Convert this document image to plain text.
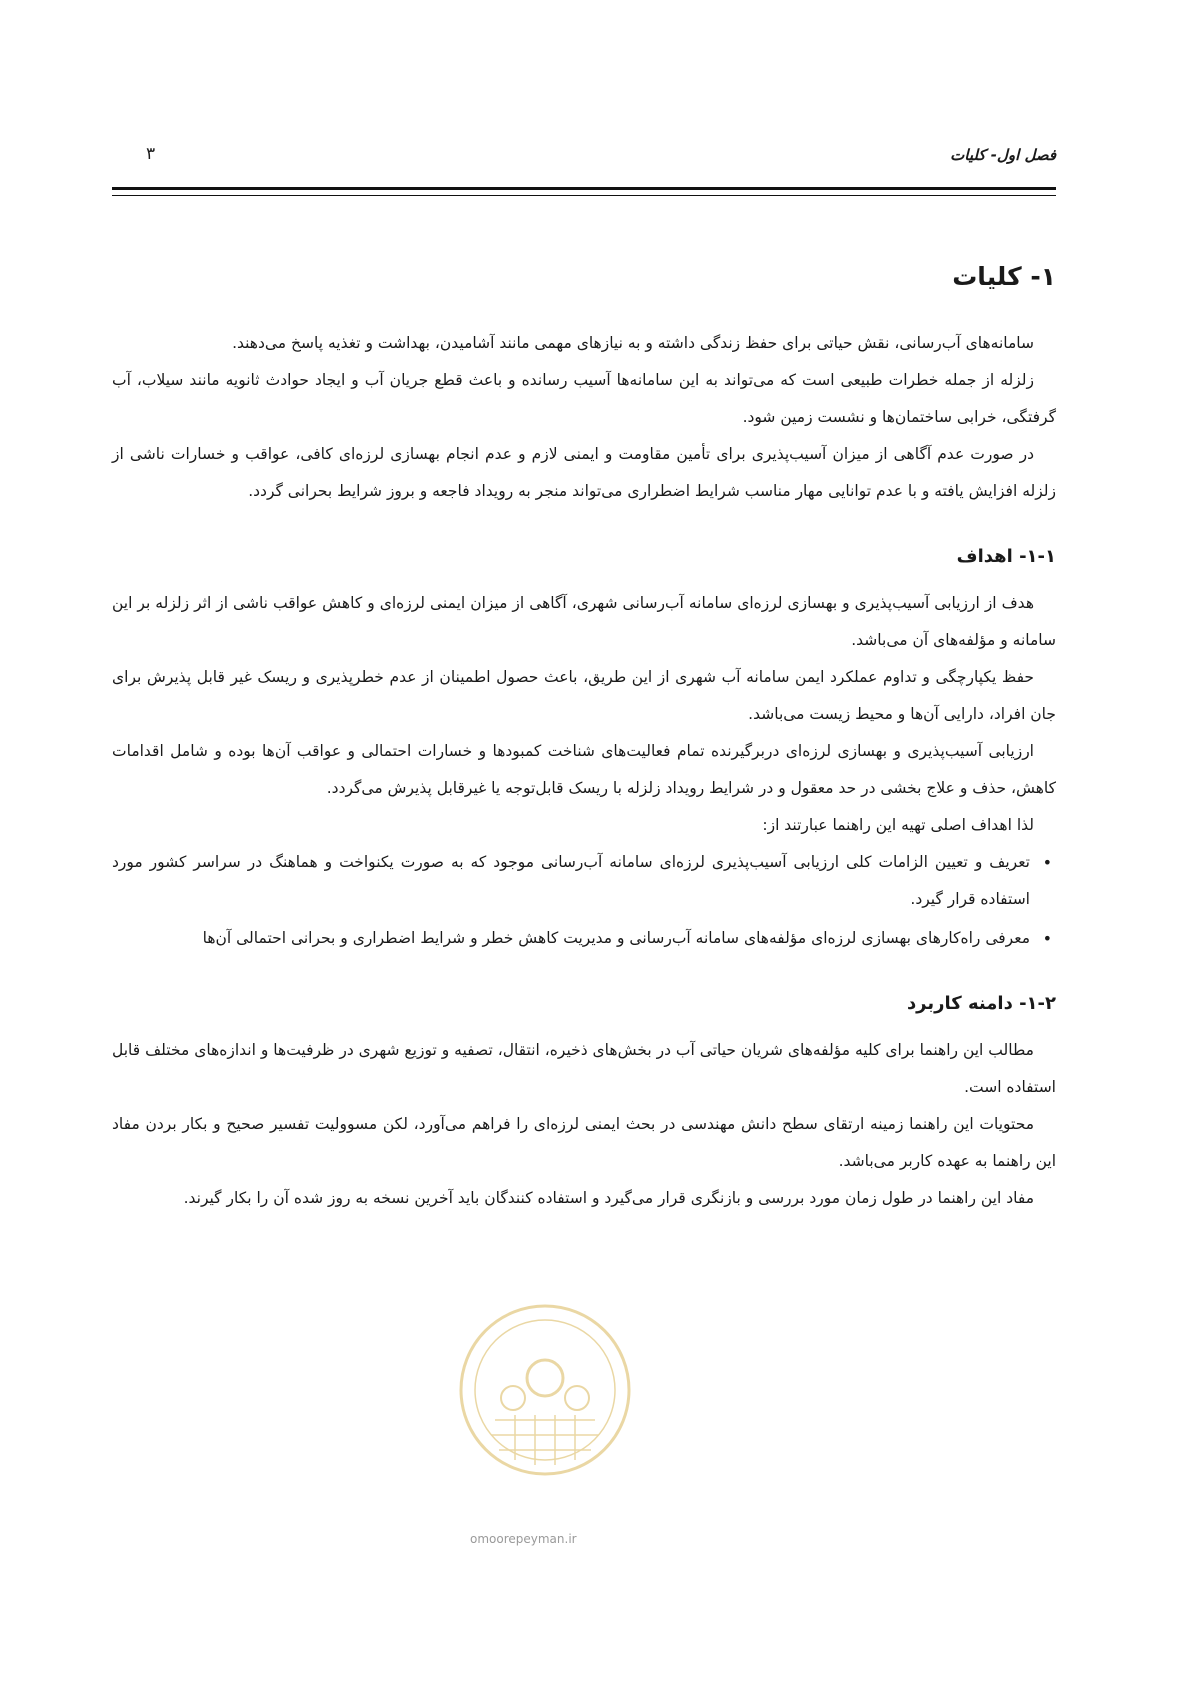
فصل اول- کلیات
۳
۱- کلیات

سامانه‌های آب‌رسانی، نقش حیاتی برای حفظ زندگی داشته و به نیازهای مهمی مانند آشامیدن، بهداشت و تغذیه پاسخ می‌دهند.

زلزله از جمله خطرات طبیعی است که می‌تواند به این سامانه‌ها آسیب رسانده و باعث قطع جریان آب و ایجاد حوادث ثانویه مانند سیلاب، آب گرفتگی، خرابی ساختمان‌ها و نشست زمین شود.

در صورت عدم آگاهی از میزان آسیب‌پذیری برای تأمین مقاومت و ایمنی لازم و عدم انجام بهسازی لرزه‌ای کافی، عواقب و خسارات ناشی از زلزله افزایش یافته و با عدم توانایی مهار مناسب شرایط اضطراری می‌تواند منجر به رویداد فاجعه و بروز شرایط بحرانی گردد.

۱-۱- اهداف

هدف از ارزیابی آسیب‌پذیری و بهسازی لرزه‌ای سامانه آب‌رسانی شهری، آگاهی از میزان ایمنی لرزه‌ای و کاهش عواقب ناشی از اثر زلزله بر این سامانه و مؤلفه‌های آن می‌باشد.

حفظ یکپارچگی و تداوم عملکرد ایمن سامانه آب شهری از این طریق، باعث حصول اطمینان از عدم خطرپذیری و ریسک غیر قابل پذیرش برای جان افراد، دارایی آن‌ها و محیط زیست می‌باشد.

ارزیابی آسیب‌پذیری و بهسازی لرزه‌ای دربرگیرنده تمام فعالیت‌های شناخت کمبودها و خسارات احتمالی و عواقب آن‌ها بوده و شامل اقدامات کاهش، حذف و علاج بخشی در حد معقول و در شرایط رویداد زلزله با ریسک قابل‌توجه یا غیرقابل پذیرش می‌گردد.

لذا اهداف اصلی تهیه این راهنما عبارتند از:

• تعریف و تعیین الزامات کلی ارزیابی آسیب‌پذیری لرزه‌ای سامانه آب‌رسانی موجود که به صورت یکنواخت و هماهنگ در سراسر کشور مورد استفاده قرار گیرد.
• معرفی راه‌کارهای بهسازی لرزه‌ای مؤلفه‌های سامانه آب‌رسانی و مدیریت کاهش خطر و شرایط اضطراری و بحرانی احتمالی آن‌ها
۱-۲- دامنه کاربرد

مطالب این راهنما برای کلیه مؤلفه‌های شریان حیاتی آب در بخش‌های ذخیره، انتقال، تصفیه و توزیع شهری در ظرفیت‌ها و اندازه‌های مختلف قابل استفاده است.

محتویات این راهنما زمینه ارتقای سطح دانش مهندسی در بحث ایمنی لرزه‌ای را فراهم می‌آورد، لکن مسوولیت تفسیر صحیح و بکار بردن مفاد این راهنما به عهده کاربر می‌باشد.

مفاد این راهنما در طول زمان مورد بررسی و بازنگری قرار می‌گیرد و استفاده کنندگان باید آخرین نسخه به روز شده آن را بکار گیرند.

omoorepeyman.ir
